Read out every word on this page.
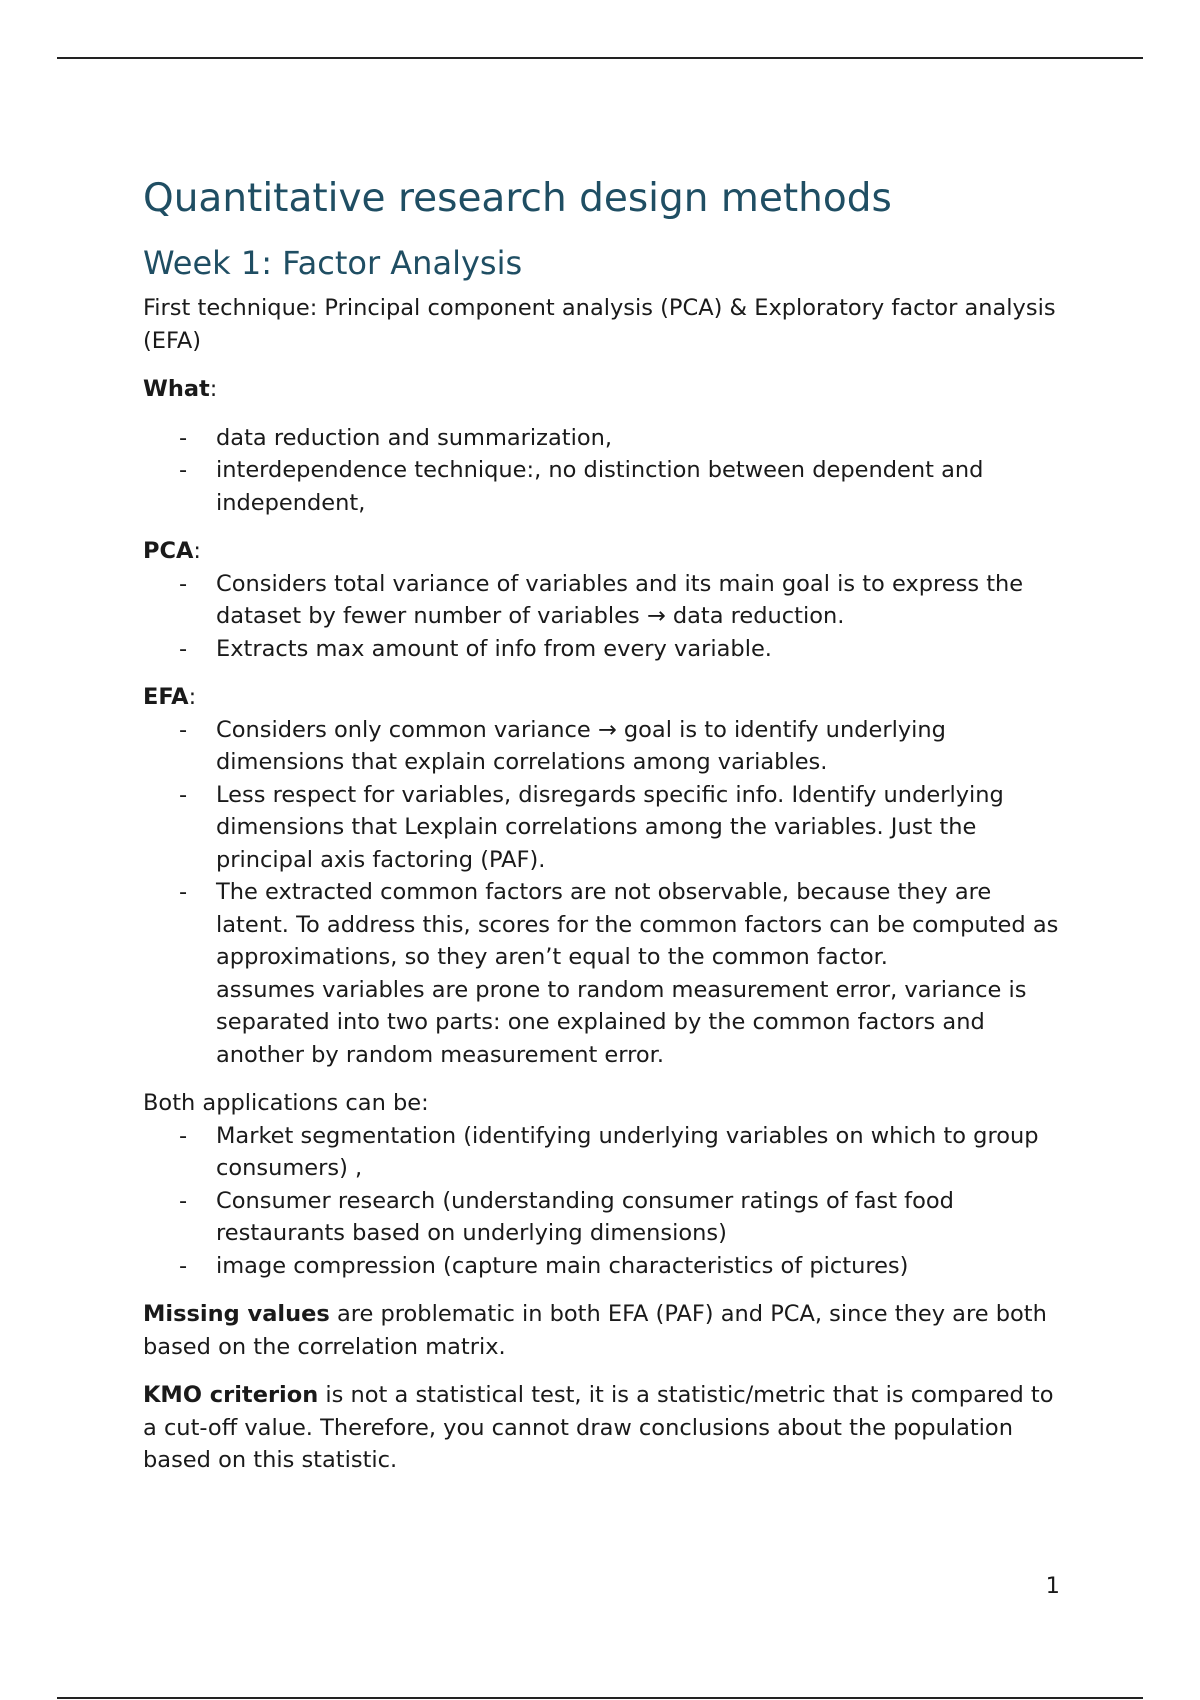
Quantitative research design methods
Week 1: Factor Analysis

First technique: Principal component analysis (PCA) & Exploratory factor analysis (EFA)

What:

- data reduction and summarization,
- interdependence technique:, no distinction between dependent and independent,

PCA:

- Considers total variance of variables and its main goal is to express the dataset by fewer number of variables → data reduction.
- Extracts max amount of info from every variable.

EFA:

- Considers only common variance → goal is to identify underlying dimensions that explain correlations among variables.
- Less respect for variables, disregards specific info. Identify underlying dimensions that Lexplain correlations among the variables. Just the principal axis factoring (PAF).
- The extracted common factors are not observable, because they are latent. To address this, scores for the common factors can be computed as approximations, so they aren’t equal to the common factor.
assumes variables are prone to random measurement error, variance is separated into two parts: one explained by the common factors and another by random measurement error.

Both applications can be:

- Market segmentation (identifying underlying variables on which to group consumers) ,
- Consumer research (understanding consumer ratings of fast food restaurants based on underlying dimensions)
- image compression (capture main characteristics of pictures)

Missing values are problematic in both EFA (PAF) and PCA, since they are both based on the correlation matrix.

KMO criterion is not a statistical test, it is a statistic/metric that is compared to a cut-off value. Therefore, you cannot draw conclusions about the population based on this statistic.

1
